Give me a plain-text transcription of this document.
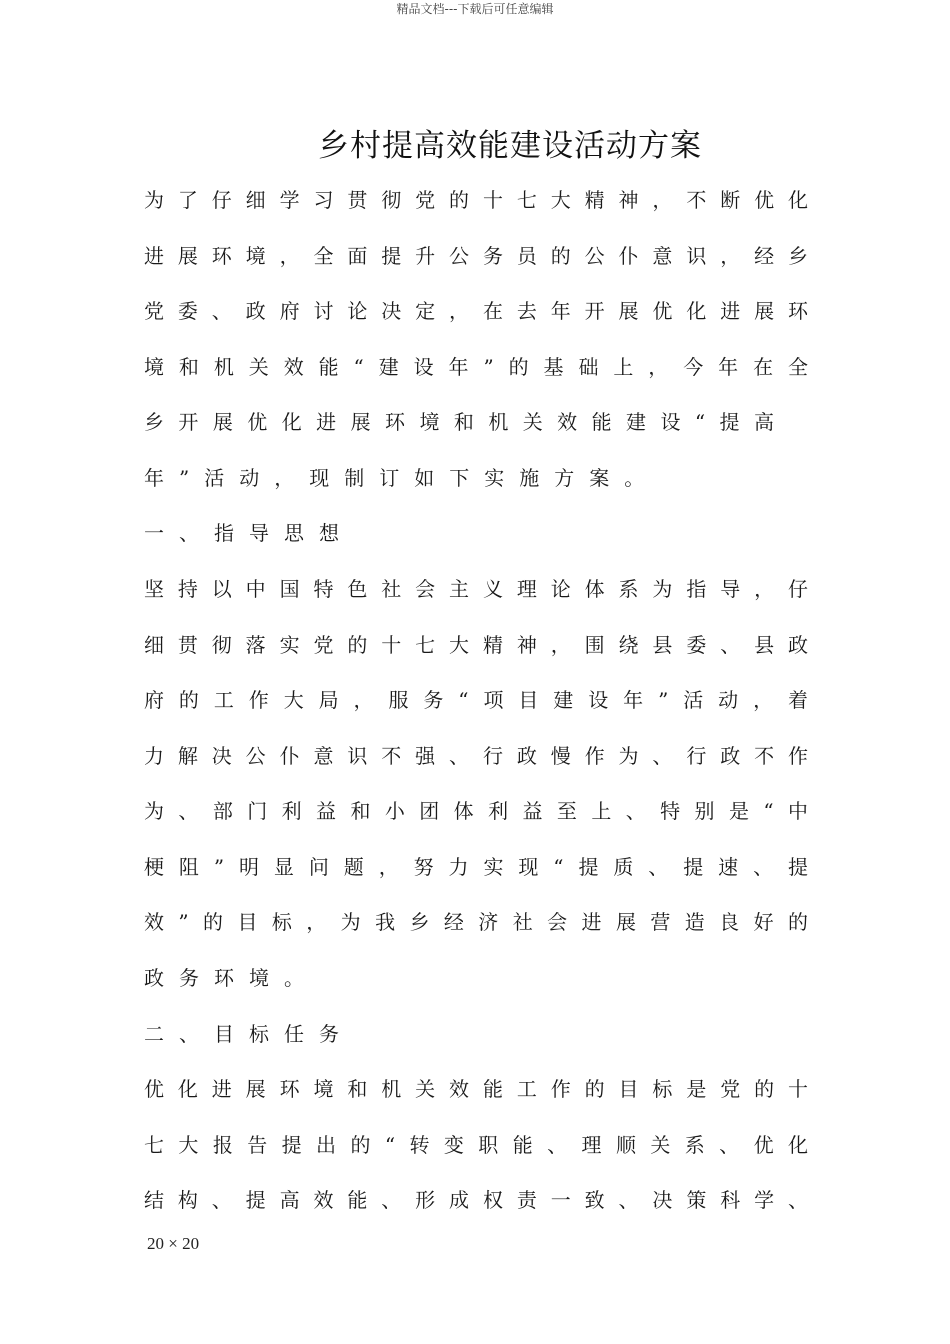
精品文档---下载后可任意编辑
乡村提高效能建设活动方案
为了仔细学习贯彻党的十七大精神，不断优化
进展环境，全面提升公务员的公仆意识，经乡
党委、政府讨论决定，在去年开展优化进展环
境和机关效能“建设年”的基础上，今年在全
乡开展优化进展环境和机关效能建设“提高
年”活动，现制订如下实施方案。
一、指导思想
坚持以中国特色社会主义理论体系为指导，仔
细贯彻落实党的十七大精神，围绕县委、县政
府的工作大局，服务“项目建设年”活动，着
力解决公仆意识不强、行政慢作为、行政不作
为、部门利益和小团体利益至上、特别是“中
梗阻”明显问题，努力实现“提质、提速、提
效”的目标，为我乡经济社会进展营造良好的
政务环境。
二、目标任务
优化进展环境和机关效能工作的目标是党的十
七大报告提出的“转变职能、理顺关系、优化
结构、提高效能、形成权责一致、决策科学、
20 × 20
